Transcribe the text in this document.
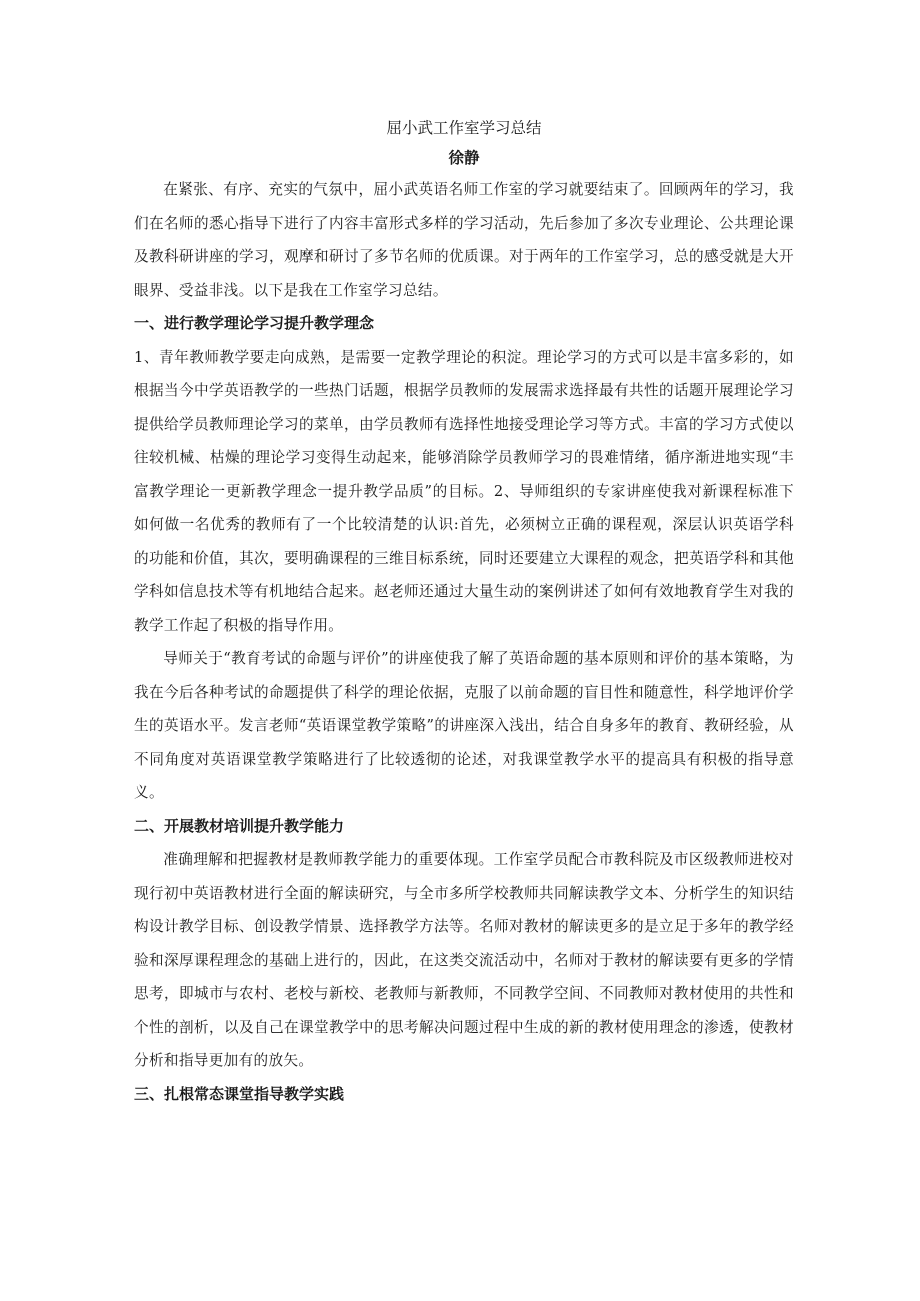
屈小武工作室学习总结
徐静

在紧张、有序、充实的气氛中，屈小武英语名师工作室的学习就要结束了。回顾两年的学习，我们在名师的悉心指导下进行了内容丰富形式多样的学习活动，先后参加了多次专业理论、公共理论课及教科研讲座的学习，观摩和研讨了多节名师的优质课。对于两年的工作室学习，总的感受就是大开眼界、受益非浅。以下是我在工作室学习总结。

一、进行教学理论学习提升教学理念

1、青年教师教学要走向成熟，是需要一定教学理论的积淀。理论学习的方式可以是丰富多彩的，如根据当今中学英语教学的一些热门话题，根据学员教师的发展需求选择最有共性的话题开展理论学习提供给学员教师理论学习的菜单，由学员教师有选择性地接受理论学习等方式。丰富的学习方式使以往较机械、枯燥的理论学习变得生动起来，能够消除学员教师学习的畏难情绪，循序渐进地实现“丰富教学理论一更新教学理念一提升教学品质”的目标。2、导师组织的专家讲座使我对新课程标准下如何做一名优秀的教师有了一个比较清楚的认识:首先，必须树立正确的课程观，深层认识英语学科的功能和价值，其次，要明确课程的三维目标系统，同时还要建立大课程的观念，把英语学科和其他学科如信息技术等有机地结合起来。赵老师还通过大量生动的案例讲述了如何有效地教育学生对我的教学工作起了积极的指导作用。

导师关于“教育考试的命题与评价”的讲座使我了解了英语命题的基本原则和评价的基本策略，为我在今后各种考试的命题提供了科学的理论依据，克服了以前命题的盲目性和随意性，科学地评价学生的英语水平。发言老师“英语课堂教学策略”的讲座深入浅出，结合自身多年的教育、教研经验，从不同角度对英语课堂教学策略进行了比较透彻的论述，对我课堂教学水平的提高具有积极的指导意义。

二、开展教材培训提升教学能力

准确理解和把握教材是教师教学能力的重要体现。工作室学员配合市教科院及市区级教师进校对现行初中英语教材进行全面的解读研究，与全市多所学校教师共同解读教学文本、分析学生的知识结构设计教学目标、创设教学情景、选择教学方法等。名师对教材的解读更多的是立足于多年的教学经验和深厚课程理念的基础上进行的，因此，在这类交流活动中，名师对于教材的解读要有更多的学情思考，即城市与农村、老校与新校、老教师与新教师，不同教学空间、不同教师对教材使用的共性和个性的剖析，以及自己在课堂教学中的思考解决问题过程中生成的新的教材使用理念的渗透，使教材分析和指导更加有的放矢。

三、扎根常态课堂指导教学实践
